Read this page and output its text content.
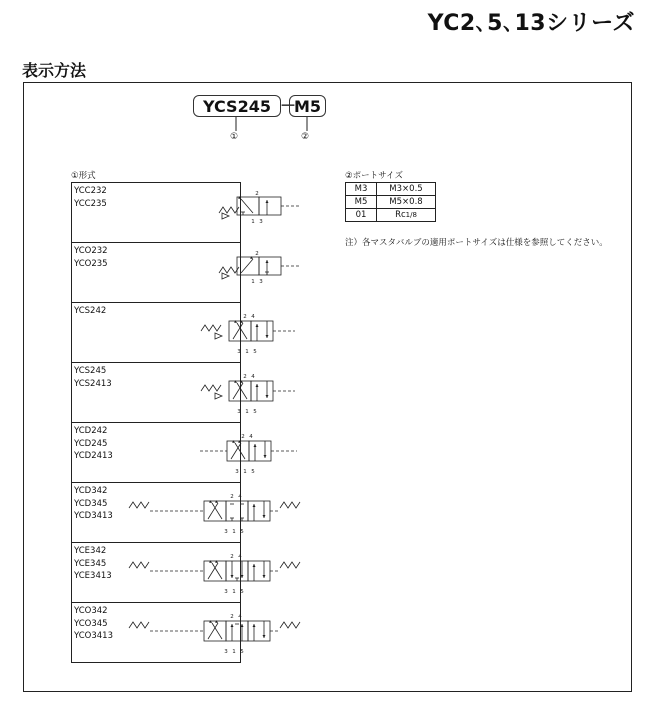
YC2､5､13シリーズ
表示方法
YCS245 －
M5
①	②
①形式
YCC232
YCC235
2
1 3

YCO232
YCO235
2
1 3

YCS242
2 4
3 1 5

YCS245
YCS2413
2 4
3 1 5

YCD242
YCD245
YCD2413
2 4
3 1 5

YCD342
YCD345
YCD3413
2 4
3 1 5

YCE342
YCE345
YCE3413
2 4
3 1 5

YCO342
YCO345
YCO3413
2 4
3 1 5
②ポートサイズ
M3	M3×0.5
M5	M5×0.8
01	Rc1/8
注）各マスタバルブの適用ポートサイズは仕様を参照してください。
